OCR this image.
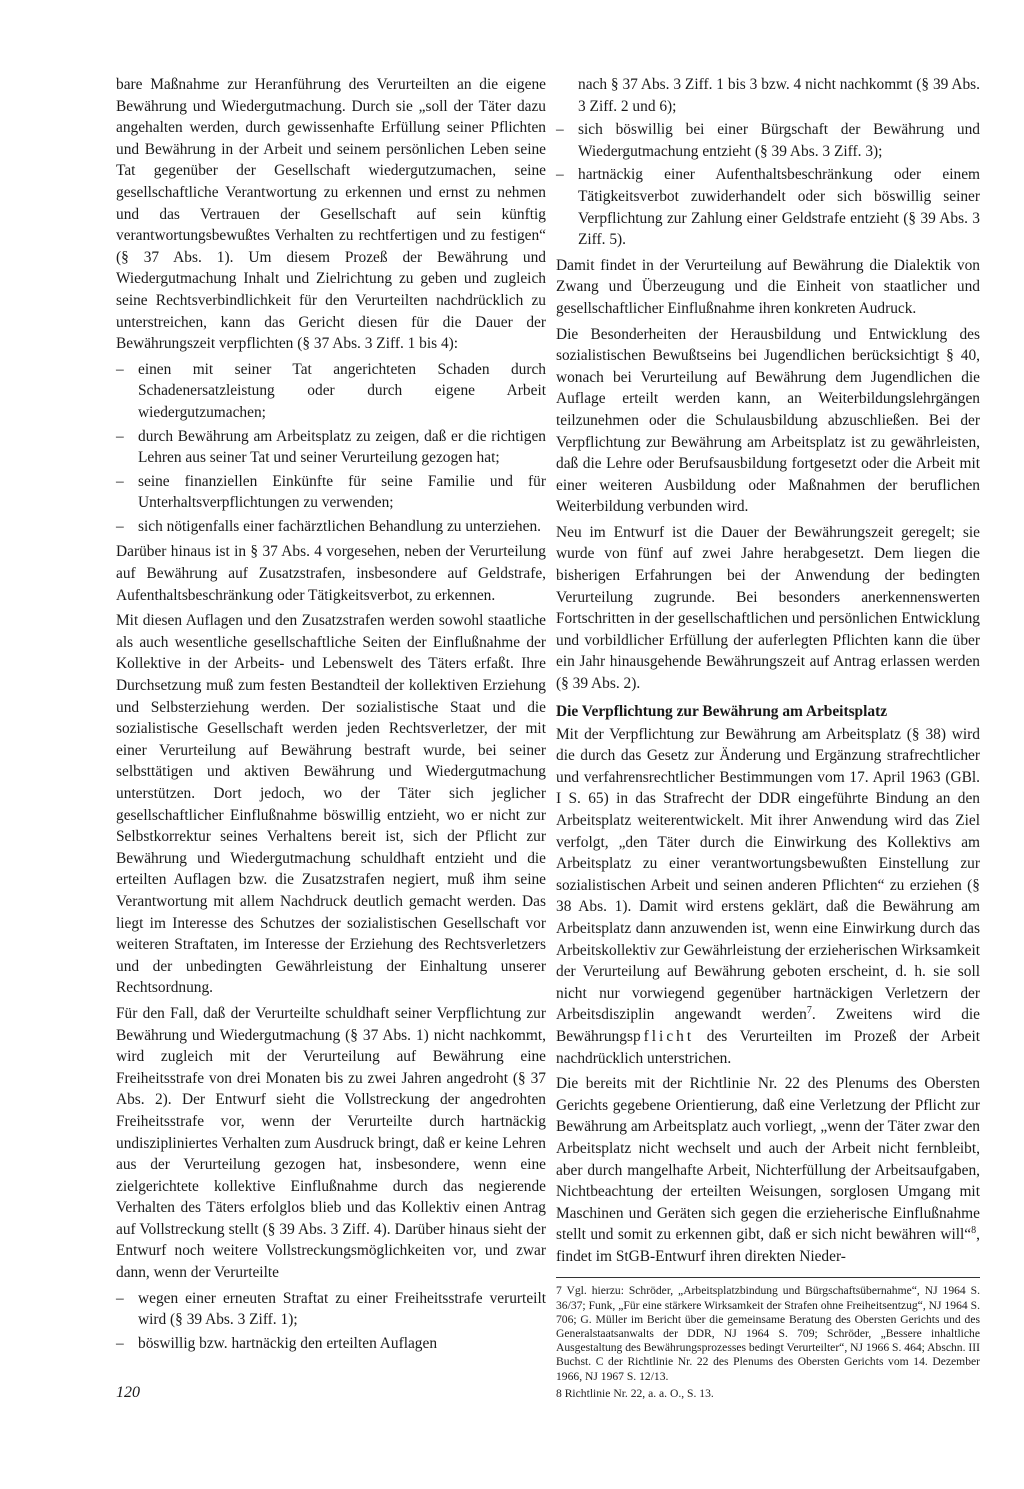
bare Maßnahme zur Heranführung des Verurteilten an die eigene Bewährung und Wiedergutmachung. Durch sie „soll der Täter dazu angehalten werden, durch gewissenhafte Erfüllung seiner Pflichten und Bewährung in der Arbeit und seinem persönlichen Leben seine Tat gegenüber der Gesellschaft wiedergutzumachen, seine gesellschaftliche Verantwortung zu erkennen und ernst zu nehmen und das Vertrauen der Gesellschaft auf sein künftig verantwortungsbewußtes Verhalten zu rechtfertigen und zu festigen“ (§ 37 Abs. 1). Um diesem Prozeß der Bewährung und Wiedergutmachung Inhalt und Zielrichtung zu geben und zugleich seine Rechtsverbindlichkeit für den Verurteilten nachdrücklich zu unterstreichen, kann das Gericht diesen für die Dauer der Bewährungszeit verpflichten (§ 37 Abs. 3 Ziff. 1 bis 4):

– einen mit seiner Tat angerichteten Schaden durch Schadenersatzleistung oder durch eigene Arbeit wiedergutzumachen;
– durch Bewährung am Arbeitsplatz zu zeigen, daß er die richtigen Lehren aus seiner Tat und seiner Verurteilung gezogen hat;
– seine finanziellen Einkünfte für seine Familie und für Unterhaltsverpflichtungen zu verwenden;
– sich nötigenfalls einer fachärztlichen Behandlung zu unterziehen.

Darüber hinaus ist in § 37 Abs. 4 vorgesehen, neben der Verurteilung auf Bewährung auf Zusatzstrafen, insbesondere auf Geldstrafe, Aufenthaltsbeschränkung oder Tätigkeitsverbot, zu erkennen.

Mit diesen Auflagen und den Zusatzstrafen werden sowohl staatliche als auch wesentliche gesellschaftliche Seiten der Einflußnahme der Kollektive in der Arbeits- und Lebenswelt des Täters erfaßt. Ihre Durchsetzung muß zum festen Bestandteil der kollektiven Erziehung und Selbsterziehung werden. Der sozialistische Staat und die sozialistische Gesellschaft werden jeden Rechtsverletzer, der mit einer Verurteilung auf Bewährung bestraft wurde, bei seiner selbsttätigen und aktiven Bewährung und Wiedergutmachung unterstützen. Dort jedoch, wo der Täter sich jeglicher gesellschaftlicher Einflußnahme böswillig entzieht, wo er nicht zur Selbstkorrektur seines Verhaltens bereit ist, sich der Pflicht zur Bewährung und Wiedergutmachung schuldhaft entzieht und die erteilten Auflagen bzw. die Zusatzstrafen negiert, muß ihm seine Verantwortung mit allem Nachdruck deutlich gemacht werden. Das liegt im Interesse des Schutzes der sozialistischen Gesellschaft vor weiteren Straftaten, im Interesse der Erziehung des Rechtsverletzers und der unbedingten Gewährleistung der Einhaltung unserer Rechtsordnung.

Für den Fall, daß der Verurteilte schuldhaft seiner Verpflichtung zur Bewährung und Wiedergutmachung (§ 37 Abs. 1) nicht nachkommt, wird zugleich mit der Verurteilung auf Bewährung eine Freiheitsstrafe von drei Monaten bis zu zwei Jahren angedroht (§ 37 Abs. 2). Der Entwurf sieht die Vollstreckung der angedrohten Freiheitsstrafe vor, wenn der Verurteilte durch hartnäckig undiszipliniertes Verhalten zum Ausdruck bringt, daß er keine Lehren aus der Verurteilung gezogen hat, insbesondere, wenn eine zielgerichtete kollektive Einflußnahme durch das negierende Verhalten des Täters erfolglos blieb und das Kollektiv einen Antrag auf Vollstreckung stellt (§ 39 Abs. 3 Ziff. 4). Darüber hinaus sieht der Entwurf noch weitere Vollstreckungsmöglichkeiten vor, und zwar dann, wenn der Verurteilte

– wegen einer erneuten Straftat zu einer Freiheitsstrafe verurteilt wird (§ 39 Abs. 3 Ziff. 1);
– böswillig bzw. hartnäckig den erteilten Auflagen
nach § 37 Abs. 3 Ziff. 1 bis 3 bzw. 4 nicht nachkommt (§ 39 Abs. 3 Ziff. 2 und 6);
– sich böswillig bei einer Bürgschaft der Bewährung und Wiedergutmachung entzieht (§ 39 Abs. 3 Ziff. 3);
– hartnäckig einer Aufenthaltsbeschränkung oder einem Tätigkeitsverbot zuwiderhandelt oder sich böswillig seiner Verpflichtung zur Zahlung einer Geldstrafe entzieht (§ 39 Abs. 3 Ziff. 5).

Damit findet in der Verurteilung auf Bewährung die Dialektik von Zwang und Überzeugung und die Einheit von staatlicher und gesellschaftlicher Einflußnahme ihren konkreten Audruck.

Die Besonderheiten der Herausbildung und Entwicklung des sozialistischen Bewußtseins bei Jugendlichen berücksichtigt § 40, wonach bei Verurteilung auf Bewährung dem Jugendlichen die Auflage erteilt werden kann, an Weiterbildungslehrgängen teilzunehmen oder die Schulausbildung abzuschließen. Bei der Verpflichtung zur Bewährung am Arbeitsplatz ist zu gewährleisten, daß die Lehre oder Berufsausbildung fortgesetzt oder die Arbeit mit einer weiteren Ausbildung oder Maßnahmen der beruflichen Weiterbildung verbunden wird.

Neu im Entwurf ist die Dauer der Bewährungszeit geregelt; sie wurde von fünf auf zwei Jahre herabgesetzt. Dem liegen die bisherigen Erfahrungen bei der Anwendung der bedingten Verurteilung zugrunde. Bei besonders anerkennenswerten Fortschritten in der gesellschaftlichen und persönlichen Entwicklung und vorbildlicher Erfüllung der auferlegten Pflichten kann die über ein Jahr hinausgehende Bewährungszeit auf Antrag erlassen werden (§ 39 Abs. 2).

Die Verpflichtung zur Bewährung am Arbeitsplatz

Mit der Verpflichtung zur Bewährung am Arbeitsplatz (§ 38) wird die durch das Gesetz zur Änderung und Ergänzung strafrechtlicher und verfahrensrechtlicher Bestimmungen vom 17. April 1963 (GBl. I S. 65) in das Strafrecht der DDR eingeführte Bindung an den Arbeitsplatz weiterentwickelt. Mit ihrer Anwendung wird das Ziel verfolgt, „den Täter durch die Einwirkung des Kollektivs am Arbeitsplatz zu einer verantwortungsbewußten Einstellung zur sozialistischen Arbeit und seinen anderen Pflichten“ zu erziehen (§ 38 Abs. 1). Damit wird erstens geklärt, daß die Bewährung am Arbeitsplatz dann anzuwenden ist, wenn eine Einwirkung durch das Arbeitskollektiv zur Gewährleistung der erzieherischen Wirksamkeit der Verurteilung auf Bewährung geboten erscheint, d. h. sie soll nicht nur vorwiegend gegenüber hartnäckigen Verletzern der Arbeitsdisziplin angewandt werden$^7$. Zweitens wird die Bewährungspflicht des Verurteilten im Prozeß der Arbeit nachdrücklich unterstrichen.

Die bereits mit der Richtlinie Nr. 22 des Plenums des Obersten Gerichts gegebene Orientierung, daß eine Verletzung der Pflicht zur Bewährung am Arbeitsplatz auch vorliegt, „wenn der Täter zwar den Arbeitsplatz nicht wechselt und auch der Arbeit nicht fernbleibt, aber durch mangelhafte Arbeit, Nichterfüllung der Arbeitsaufgaben, Nichtbeachtung der erteilten Weisungen, sorglosen Umgang mit Maschinen und Geräten sich gegen die erzieherische Einflußnahme stellt und somit zu erkennen gibt, daß er sich nicht bewähren will“$^8$, findet im StGB-Entwurf ihren direkten Nieder-

7 Vgl. hierzu: Schröder, „Arbeitsplatzbindung und Bürgschaftsübernahme“, NJ 1964 S. 36/37; Funk, „Für eine stärkere Wirksamkeit der Strafen ohne Freiheitsentzug“, NJ 1964 S. 706; G. Müller im Bericht über die gemeinsame Beratung des Obersten Gerichts und des Generalstaatsanwalts der DDR, NJ 1964 S. 709; Schröder, „Bessere inhaltliche Ausgestaltung des Bewährungsprozesses bedingt Verurteilter“, NJ 1966 S. 464; Abschn. III Buchst. C der Richtlinie Nr. 22 des Plenums des Obersten Gerichts vom 14. Dezember 1966, NJ 1967 S. 12/13.

8 Richtlinie Nr. 22, a. a. O., S. 13.

120
